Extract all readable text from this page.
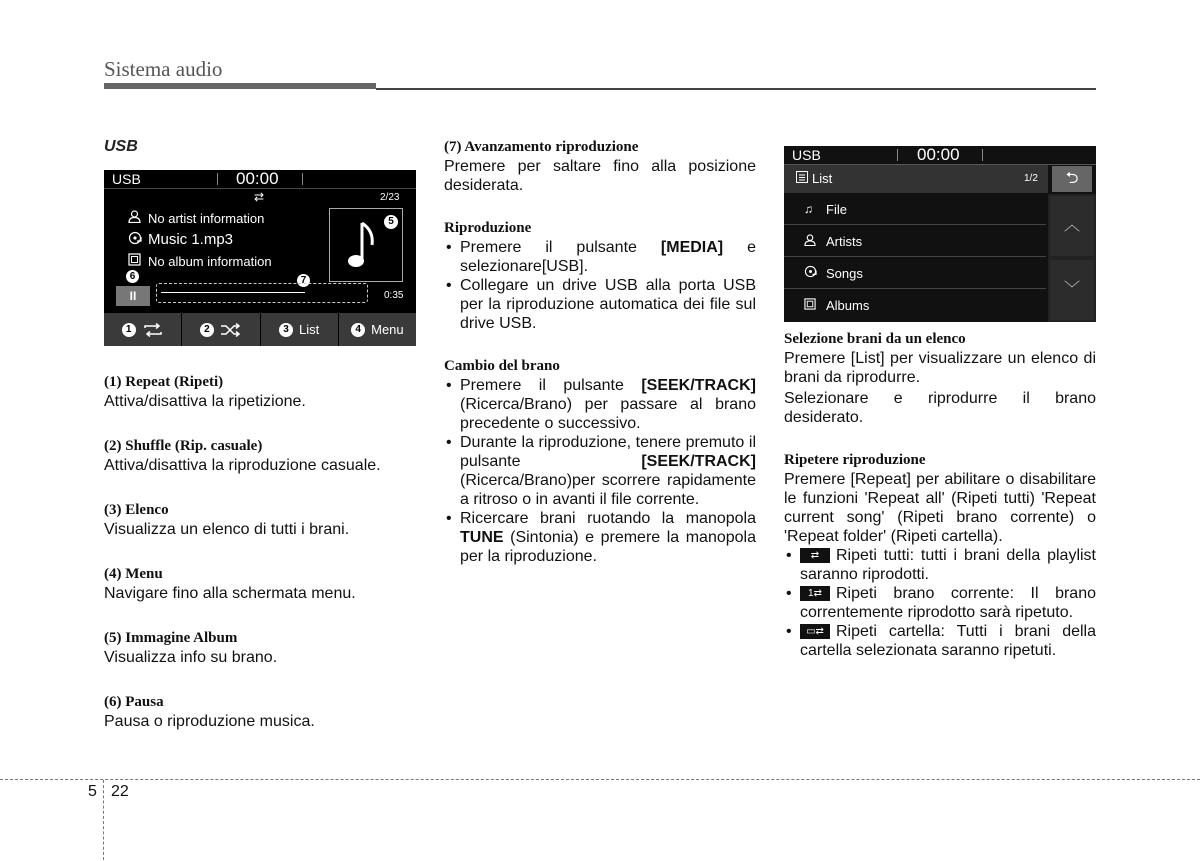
Sistema audio
USB
USB	00:00
⇄	2/23
No artist information
Music 1.mp3
No album information
5
6
II
7
0:35
1	2	3 List	4 Menu
(1) Repeat (Ripeti)

Attiva/disattiva la ripetizione.

(2) Shuffle (Rip. casuale)

Attiva/disattiva la riproduzione casuale.

(3) Elenco

Visualizza un elenco di tutti i brani.

(4) Menu

Navigare fino alla schermata menu.

(5) Immagine Album

Visualizza info su brano.

(6) Pausa

Pausa o riproduzione musica.

(7) Avanzamento riproduzione

Premere per saltare fino alla posizione desiderata.

Riproduzione
• Premere il pulsante [MEDIA] e selezionare[USB].
• Collegare un drive USB alla porta USB per la riproduzione automatica dei file sul drive USB.
Cambio del brano
• Premere il pulsante [SEEK/TRACK] (Ricerca/Brano) per passare al brano precedente o successivo.
• Durante la riproduzione, tenere premuto il pulsante [SEEK/TRACK] (Ricerca/Brano)per scorrere rapidamente a ritroso o in avanti il file corrente.
• Ricercare brani ruotando la manopola TUNE (Sintonia) e premere la manopola per la riproduzione.
USB	00:00
List	1/2	⮌
♫	File
Artists
Songs
Albums
︿
﹀
Selezione brani da un elenco

Premere [List] per visualizzare un elenco di brani da riprodurre.

Selezionare e riprodurre il brano desiderato.

Ripetere riproduzione

Premere [Repeat] per abilitare o disabilitare le funzioni 'Repeat all' (Ripeti tutti) 'Repeat current song' (Ripeti brano corrente) o 'Repeat folder' (Ripeti cartella).

• ⇄ Ripeti tutti: tutti i brani della playlist saranno riprodotti.
• 1⇄ Ripeti brano corrente: Il brano correntemente riprodotto sarà ripetuto.
• ▭⇄ Ripeti cartella: Tutti i brani della cartella selezionata saranno ripetuti.
5 22
